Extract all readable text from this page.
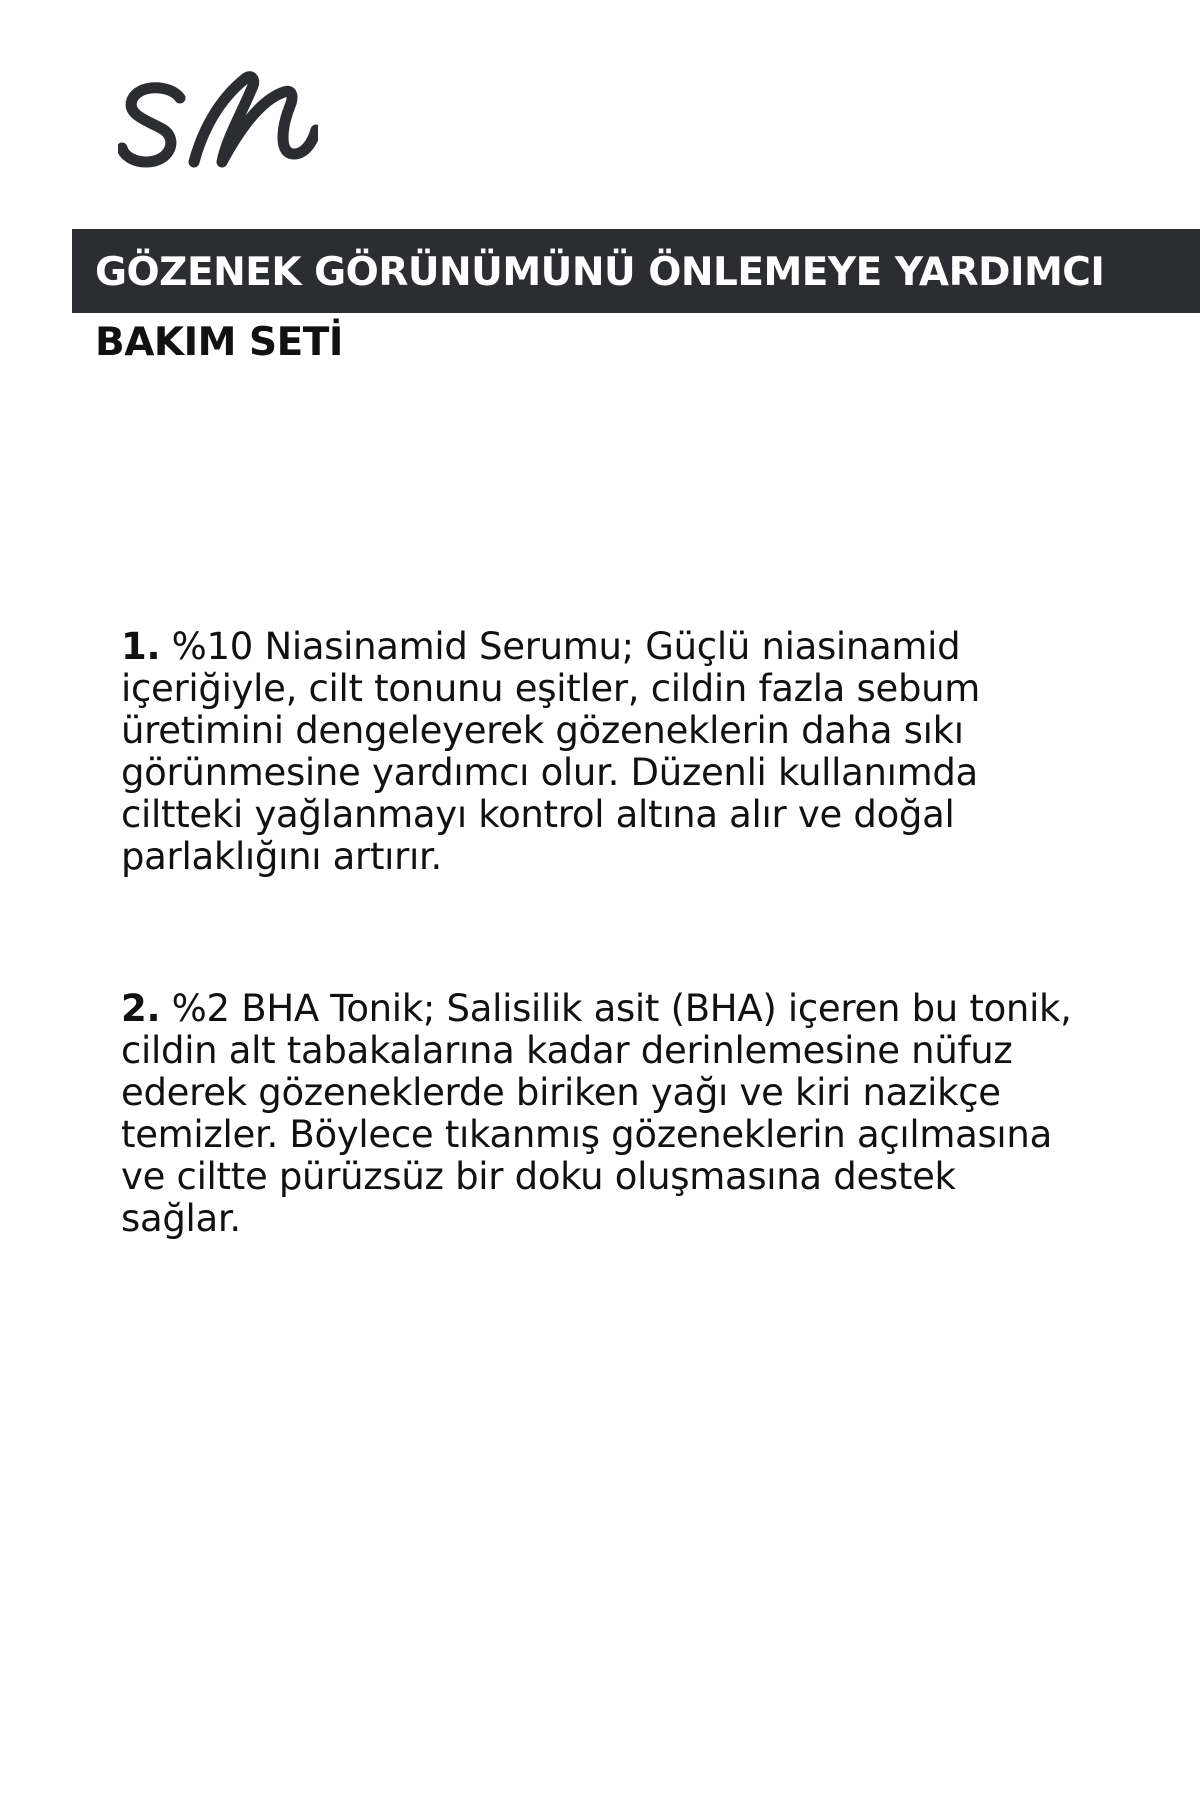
GÖZENEK GÖRÜNÜMÜNÜ ÖNLEMEYE YARDIMCI
BAKIM SETİ

1. %10 Niasinamid Serumu; Güçlü niasinamid içeriğiyle, cilt tonunu eşitler, cildin fazla sebum üretimini dengeleyerek gözeneklerin daha sıkı görünmesine yardımcı olur. Düzenli kullanımda ciltteki yağlanmayı kontrol altına alır ve doğal parlaklığını artırır.

2. %2 BHA Tonik; Salisilik asit (BHA) içeren bu tonik, cildin alt tabakalarına kadar derinlemesine nüfuz ederek gözeneklerde biriken yağı ve kiri nazikçe temizler. Böylece tıkanmış gözeneklerin açılmasına ve ciltte pürüzsüz bir doku oluşmasına destek sağlar.
